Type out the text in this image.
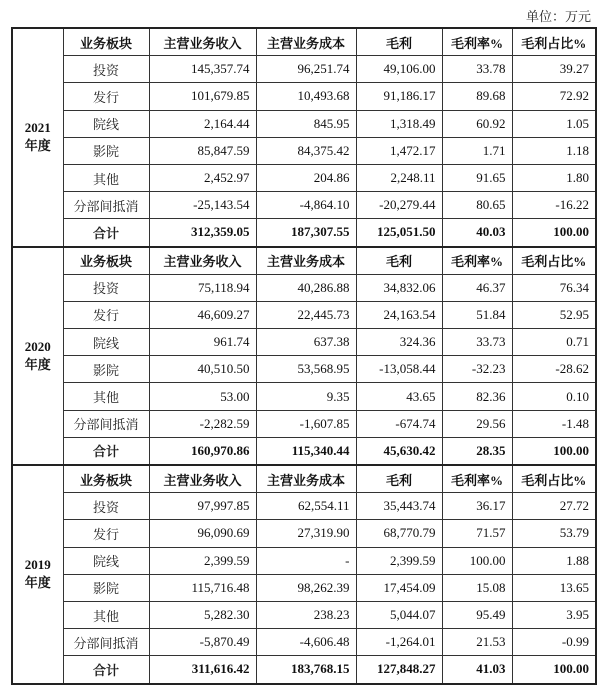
单位：万元
2021
年度	业务板块	主营业务收入	主营业务成本	毛利	毛利率%	毛利占比%
	投资	145,357.74	96,251.74	49,106.00	33.78	39.27
	发行	101,679.85	10,493.68	91,186.17	89.68	72.92
	院线	2,164.44	845.95	1,318.49	60.92	1.05
	影院	85,847.59	84,375.42	1,472.17	1.71	1.18
	其他	2,452.97	204.86	2,248.11	91.65	1.80
	分部间抵消	-25,143.54	-4,864.10	-20,279.44	80.65	-16.22
	合计	312,359.05	187,307.55	125,051.50	40.03	100.00

2020
年度	业务板块	主营业务收入	主营业务成本	毛利	毛利率%	毛利占比%
	投资	75,118.94	40,286.88	34,832.06	46.37	76.34
	发行	46,609.27	22,445.73	24,163.54	51.84	52.95
	院线	961.74	637.38	324.36	33.73	0.71
	影院	40,510.50	53,568.95	-13,058.44	-32.23	-28.62
	其他	53.00	9.35	43.65	82.36	0.10
	分部间抵消	-2,282.59	-1,607.85	-674.74	29.56	-1.48
	合计	160,970.86	115,340.44	45,630.42	28.35	100.00

2019
年度	业务板块	主营业务收入	主营业务成本	毛利	毛利率%	毛利占比%
	投资	97,997.85	62,554.11	35,443.74	36.17	27.72
	发行	96,090.69	27,319.90	68,770.79	71.57	53.79
	院线	2,399.59	-	2,399.59	100.00	1.88
	影院	115,716.48	98,262.39	17,454.09	15.08	13.65
	其他	5,282.30	238.23	5,044.07	95.49	3.95
	分部间抵消	-5,870.49	-4,606.48	-1,264.01	21.53	-0.99
	合计	311,616.42	183,768.15	127,848.27	41.03	100.00
